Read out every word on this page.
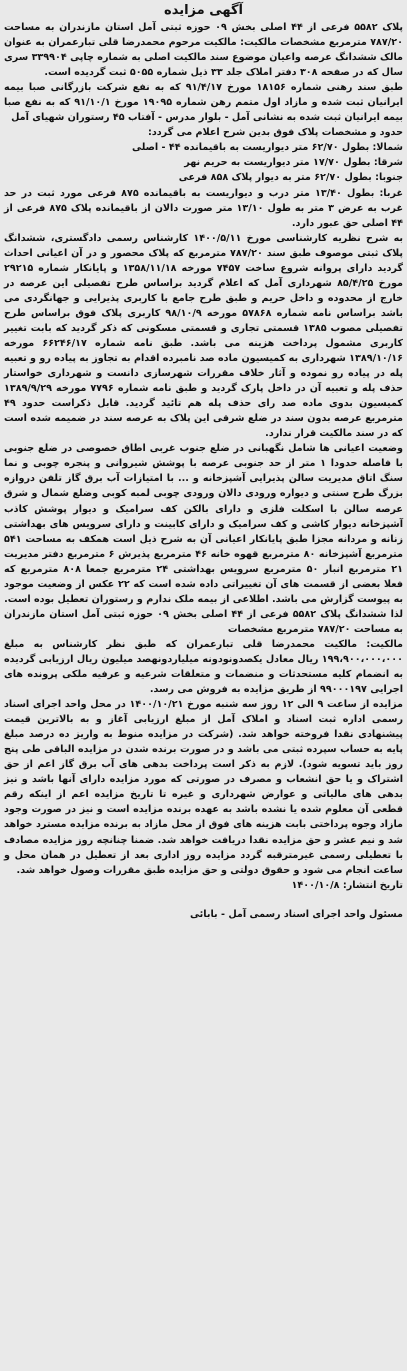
آگهی مزایده
پلاک ۵۵۸۲ فرعی از ۴۴ اصلی بخش ۰۹ حوزه ثبتی آمل استان مازندران به مساحت ۷۸۷/۲۰ مترمربع مشخصات مالکیت: مالکیت مرحوم محمدرضا قلی تبارعمران به عنوان مالک ششدانگ عرصه واعیان موضوع سند مالکیت اصلی به شماره چاپی ۳۳۹۹۰۴ سری سال که در صفحه ۳۰۸ دفتر املاک جلد ۳۳ ذیل شماره ۵۰۵۵ ثبت گردیده است.
طبق سند رهنی شماره ۱۸۱۵۶ مورخ ۹۱/۴/۱۷ که به نفع شرکت بازرگانی صبا بیمه ایرانیان ثبت شده و مازاد اول متمم رهن شماره ۱۹۰۹۵ مورخ ۹۱/۱۰/۱ که به نفع صبا بیمه ایرانیان ثبت شده به نشانی آمل - بلوار مدرس - آفتاب ۴۵ رستوران شهیای آمل
حدود و مشخصات پلاک فوق بدین شرح اعلام می گردد:
شمالا: بطول ۶۲/۷۰ متر دیواریست به باقیمانده ۴۴ - اصلی
شرقا: بطول ۱۷/۷۰ متر دیواریست به حریم نهر
جنوبا: بطول ۶۲/۷۰ متر به دیوار پلاک ۸۵۸ فرعی
غربا: بطول ۱۳/۴۰ متر درب و دیواریست به باقیمانده ۸۷۵ فرعی مورد ثبت در حد غرب به عرض ۳ متر به طول ۱۳/۱۰ متر صورت دالان از باقیمانده پلاک ۸۷۵ فرعی از ۴۴ اصلی حق عبور دارد.
به شرح نظریه کارشناسی مورخ ۱۴۰۰/۵/۱۱ کارشناس رسمی دادگستری، ششدانگ پلاک ثبتی موصوف طبق سند ۷۸۷/۲۰ مترمربع که پلاک محصور و در آن اعیانی احداث گردید دارای پروانه شروع ساخت ۷۴۵۷ مورخه ۱۳۵۸/۱۱/۱۸ و پایانکار شماره ۲۹۲۱۵ مورخ ۸۵/۴/۲۵ شهرداری آمل که اعلام گردید براساس طرح تفصیلی این عرصه در خارج از محدوده و داخل حریم و طبق طرح جامع با کاربری پذیرایی و جهانگردی می باشد براساس نامه شماره ۵۷۸۶۸ مورخه ۹۸/۱۰/۹ کاربری پلاک فوق براساس طرح تفصیلی مصوب ۱۳۸۵ قسمتی تجاری و قسمتی مسکونی که ذکر گردید که بابت تغییر کاربری مشمول پرداخت هزینه می باشد. طبق نامه شماره ۶۶۲۴۶/۱۷ مورخه ۱۳۸۹/۱۰/۱۶ شهرداری به کمیسیون ماده صد نامبرده اقدام به تجاوز به پیاده رو و تعبیه پله در پیاده رو نموده و آثار خلاف مقررات شهرسازی دانست و شهرداری خواستار حذف پله و تعبیه آن در داخل پارک گردید و طبق نامه شماره ۷۷۹۶ مورخه ۱۳۸۹/۹/۲۹ کمیسیون بدوی ماده صد رای حذف پله هم تائید گردید. قابل ذکراست حدود ۴۹ مترمربع عرصه بدون سند در ضلع شرقی این پلاک به عرصه سند در ضمیمه شده است که در سند مالکیت قرار ندارد.
وضعیت اعیانی ها شامل نگهبانی در ضلع جنوب غربی اطاق خصوصی در ضلع جنوبی با فاصله حدودا ۱ متر از حد جنوبی عرصه با پوشش شیروانی و پنجره چوبی و نما سنگ اتاق مدیریت سالن پذیرایی آشپزخانه و ... با امتیازات آب برق گاز تلفن دروازه بزرگ طرح سنتی و دیواره ورودی دالان ورودی چوبی لمبه کوبی وضلع شمال و شرق عرصه سالن با اسکلت فلزی و دارای بالکن کف سرامیک و دیوار پوشش کاذب آشپزخانه دیوار کاشی و کف سرامیک و دارای کابینت و دارای سرویس های بهداشتی زنانه و مردانه مجزا طبق پایانکار اعیانی آن به شرح ذیل است همکف به مساحت ۵۴۱ مترمربع آشپزخانه ۸۰ مترمربع قهوه خانه ۴۶ مترمربع پذیرش ۶ مترمربع دفتر مدیریت ۲۱ مترمربع انبار ۵۰ مترمربع سرویس بهداشتی ۲۴ مترمربع جمعا ۸۰۸ مترمربع که فعلا بعضی از قسمت های آن تغییراتی داده شده است که ۲۲ عکس از وضعیت موجود به پیوست گزارش می باشد. اطلاعی از بیمه ملک ندارم و رستوران تعطیل بوده است.
لذا ششدانگ پلاک ۵۵۸۲ فرعی از ۴۴ اصلی بخش ۰۹ حوزه ثبتی آمل استان مازندران به مساحت ۷۸۷/۲۰ مترمربع مشخصات
مالکیت: مالکیت محمدرضا قلی تبارعمران که طبق نظر کارشناس به مبلغ ۱۹۹،۹۰۰،۰۰۰،۰۰۰ ریال معادل یکصدونودونه میلیاردونهصد میلیون ریال ارزیابی گردیده به انضمام کلیه مستحدثات و منضمات و متعلقات شرعیه و عرفیه ملکی پرونده های اجرایی ۹۹۰۰۰۱۹۷ از طریق مزایده به فروش می رسد.
مزایده از ساعت ۹ الی ۱۲ روز سه شنبه مورخ ۱۴۰۰/۱۰/۲۱ در محل واحد اجرای اسناد رسمی اداره ثبت اسناد و املاک آمل از مبلغ ارزیابی آغاز و به بالاترین قیمت پیشنهادی نقدا فروخته خواهد شد. (شرکت در مزایده منوط به واریز ده درصد مبلغ پایه به حساب سپرده ثبتی می باشد و در صورت برنده شدن در مزایده الباقی طی پنج روز باید تسویه شود). لازم به ذکر است پرداخت بدهی های آب برق گاز اعم از حق اشتراک و یا حق انشعاب و مصرف در صورتی که مورد مزایده دارای آنها باشد و نیز بدهی های مالیاتی و عوارض شهرداری و غیره تا تاریخ مزایده اعم از اینکه رقم قطعی آن معلوم شده یا نشده باشد به عهده برنده مزایده است و نیز در صورت وجود مازاد وجوه پرداختی بابت هزینه های فوق از محل مازاد به برنده مزایده مسترد خواهد شد و نیم عشر و حق مزایده نقدا دریافت خواهد شد. ضمنا چنانچه روز مزایده مصادف با تعطیلی رسمی غیرمترقبه گردد مزایده روز اداری بعد از تعطیل در همان محل و ساعت انجام می شود و حقوق دولتی و حق مزایده طبق مقررات وصول خواهد شد.
تاریخ انتشار: ۱۴۰۰/۱۰/۸
مسئول واحد اجرای اسناد رسمی آمل - بابائی
